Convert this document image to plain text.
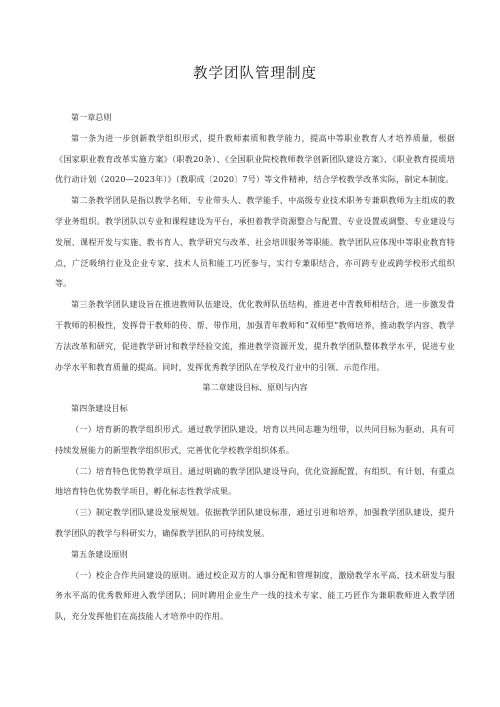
教学团队管理制度

第一章总则

第一条为进一步创新教学组织形式，提升教师素质和教学能力，提高中等职业教育人才培养质量，根据《国家职业教育改革实施方案》（职教20条）、《全国职业院校教师教学创新团队建设方案》、《职业教育提质培优行动计划（2020—2023年）》（教职成〔2020〕7号）等文件精神，结合学校教学改革实际，制定本制度。

第二条教学团队是指以教学名师、专业带头人、教学能手、中高级专业技术职务专兼职教师为主组成的教学业务组织。教学团队以专业和课程建设为平台，承担着教学资源整合与配置、专业设置或调整、专业建设与发展、课程开发与实施、教书育人、教学研究与改革、社会培训服务等职能。教学团队应体现中等职业教育特点，广泛吸纳行业及企业专家、技术人员和能工巧匠参与，实行专兼职结合，亦可跨专业或跨学校形式组织等。

第三条教学团队建设旨在推进教师队伍建设，优化教师队伍结构，推进老中青教师相结合，进一步激发骨干教师的积极性，发挥骨干教师的传、帮、带作用，加强青年教师和“双师型”教师培养，推动教学内容、教学方法改革和研究，促进教学研讨和教学经验交流，推进教学资源开发，提升教学团队整体教学水平，促进专业办学水平和教育质量的提高。同时，发挥优秀教学团队在学校及行业中的引领、示范作用。

第二章建设目标、原则与内容

第四条建设目标

（一）培育新的教学组织形式。通过教学团队建设，培育以共同志趣为纽带，以共同目标为驱动，具有可持续发展能力的新型教学组织形式，完善优化学校教学组织体系。

（二）培育特色优势教学项目。通过明确的教学团队建设导向，优化资源配置，有组织、有计划、有重点地培育特色优势教学项目，孵化标志性教学成果。

（三）制定教学团队建设发展规划。依据教学团队建设标准，通过引进和培养，加强教学团队建设，提升教学团队的教学与科研实力，确保教学团队的可持续发展。

第五条建设原则

（一）校企合作共同建设的原则。通过校企双方的人事分配和管理制度，激励教学水平高、技术研发与服务水平高的优秀教师进入教学团队；同时聘用企业生产一线的技术专家、能工巧匠作为兼职教师进入教学团队，充分发挥他们在高技能人才培养中的作用。
